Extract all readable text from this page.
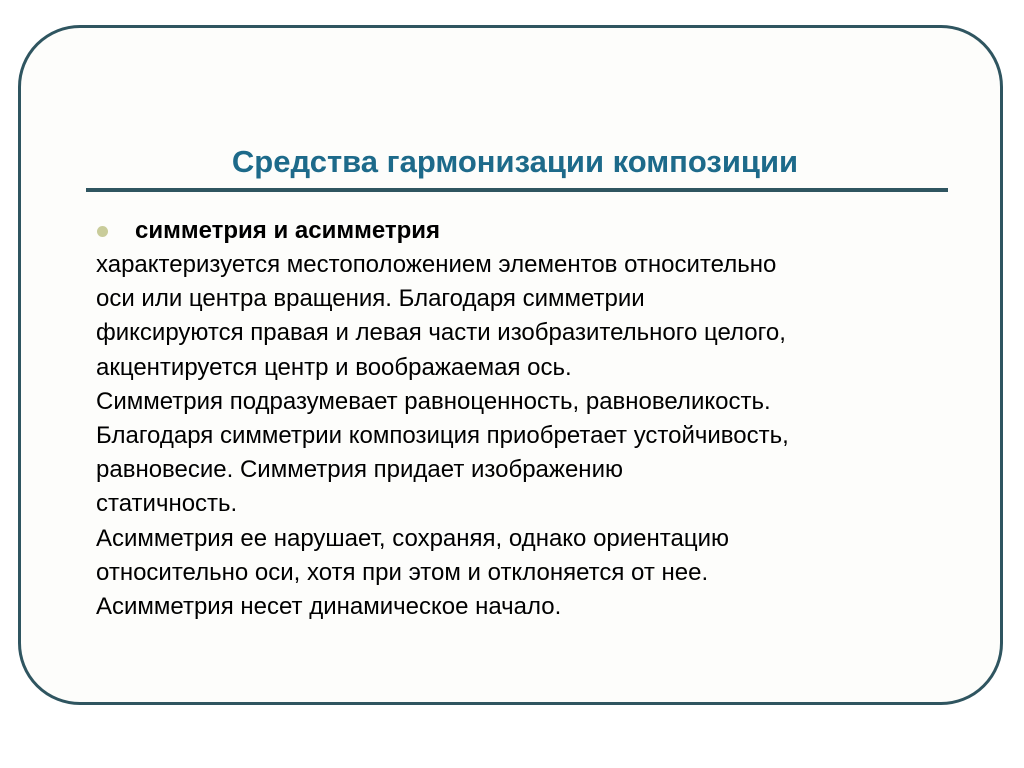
Средства гармонизации композиции
симметрия и асимметрия
характеризуется местоположением элементов относительно
оси или центра вращения. Благодаря симметрии
фиксируются правая и левая части изобразительного целого,
акцентируется центр и воображаемая ось.
Симметрия подразумевает равноценность, равновеликость.
Благодаря симметрии композиция приобретает устойчивость,
равновесие. Симметрия придает изображению
статичность.
Асимметрия ее нарушает, сохраняя, однако ориентацию
относительно оси, хотя при этом и отклоняется от нее.
Асимметрия несет динамическое начало.
